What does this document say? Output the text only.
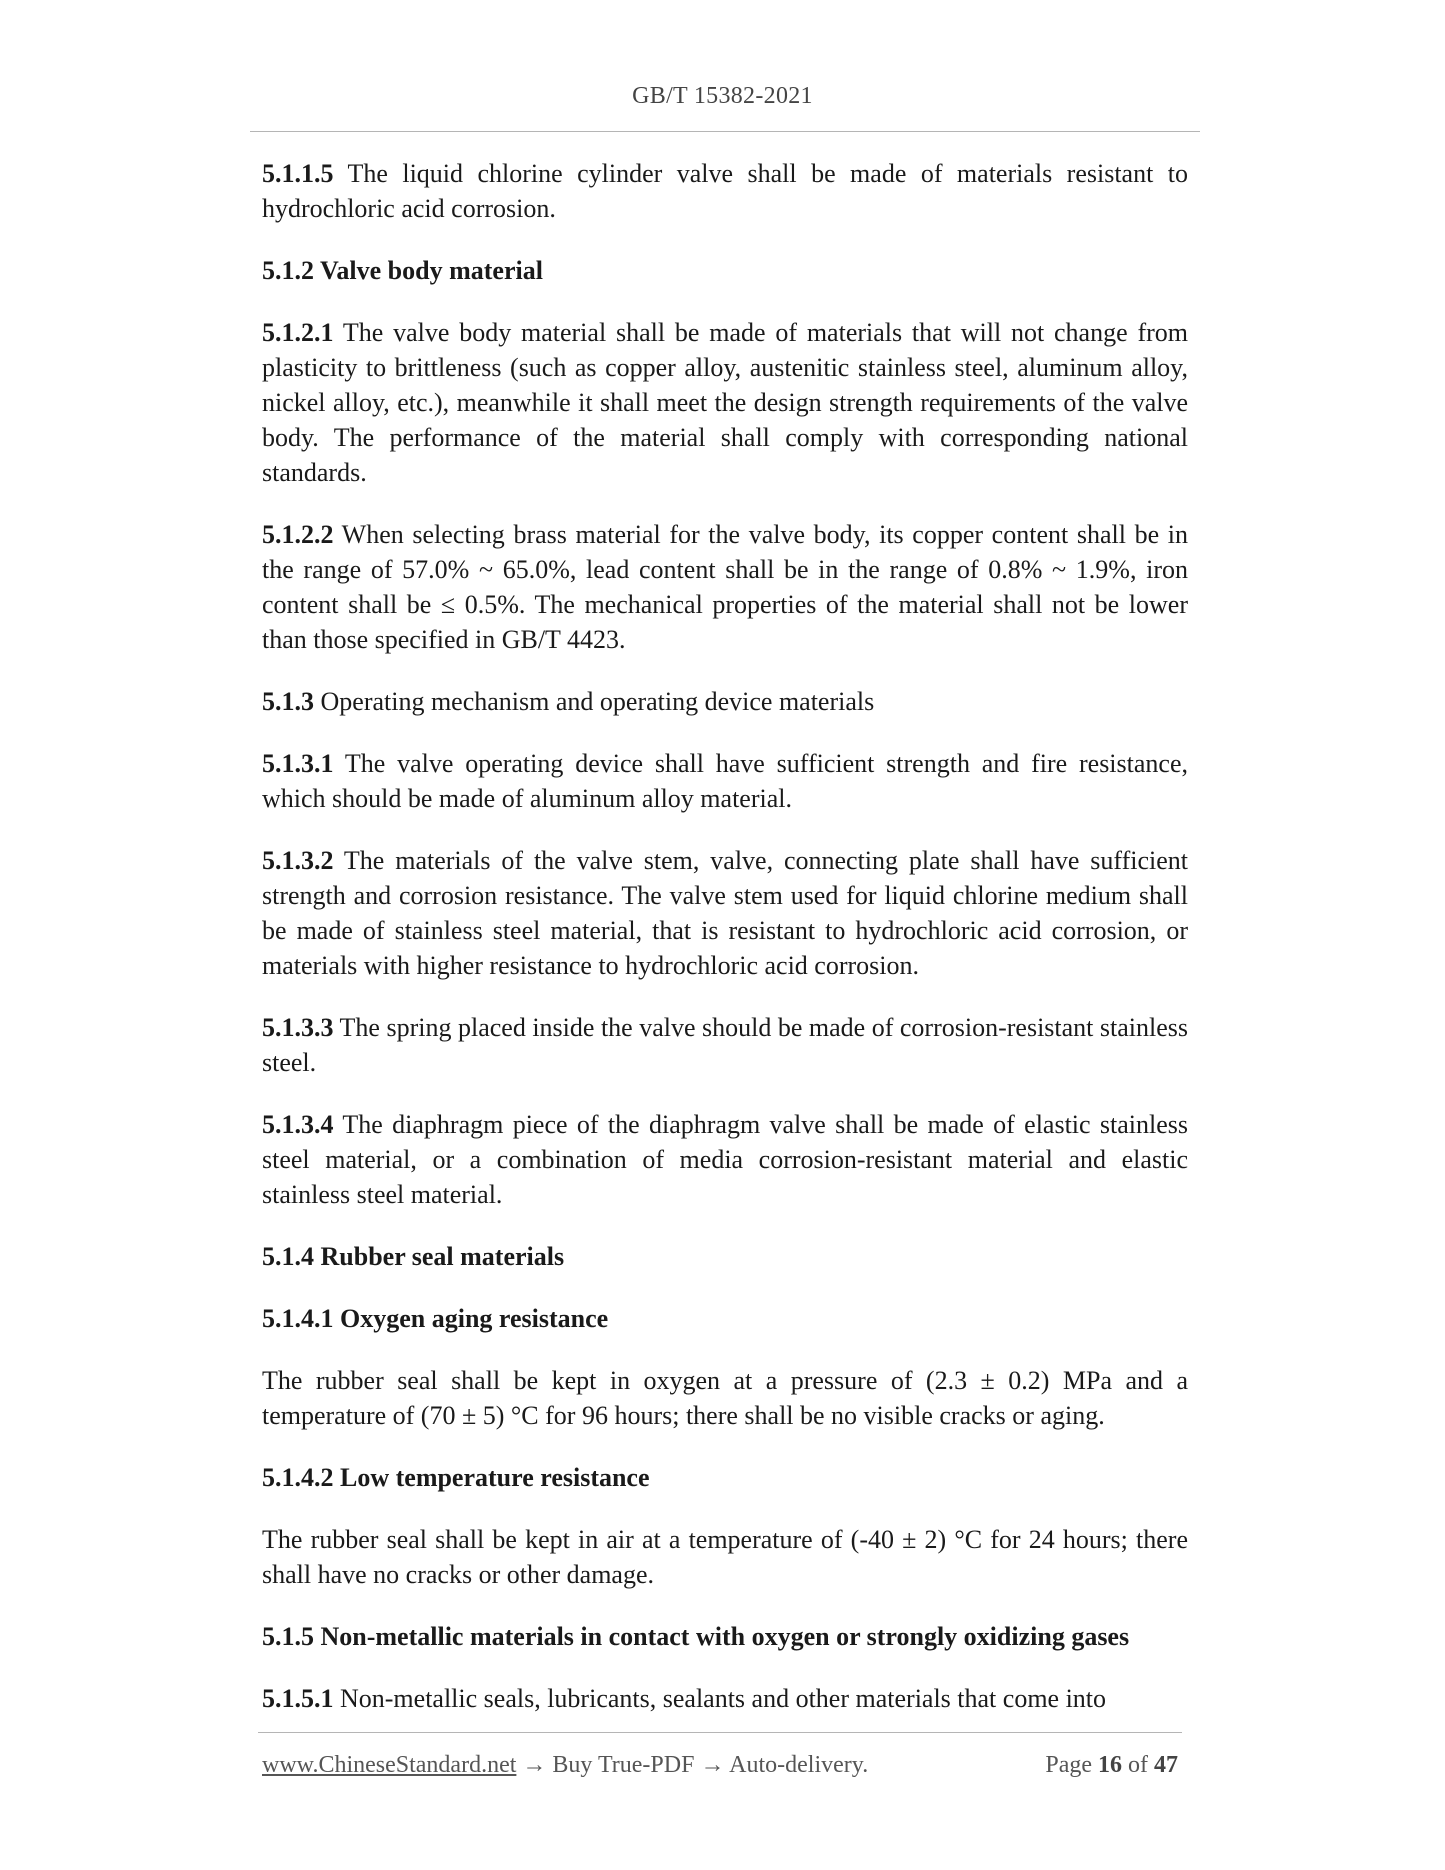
GB/T 15382-2021

5.1.1.5 The liquid chlorine cylinder valve shall be made of materials resistant to hydrochloric acid corrosion.

5.1.2 Valve body material

5.1.2.1 The valve body material shall be made of materials that will not change from plasticity to brittleness (such as copper alloy, austenitic stainless steel, aluminum alloy, nickel alloy, etc.), meanwhile it shall meet the design strength requirements of the valve body. The performance of the material shall comply with corresponding national standards.

5.1.2.2 When selecting brass material for the valve body, its copper content shall be in the range of 57.0% ~ 65.0%, lead content shall be in the range of 0.8% ~ 1.9%, iron content shall be ≤ 0.5%. The mechanical properties of the material shall not be lower than those specified in GB/T 4423.

5.1.3 Operating mechanism and operating device materials

5.1.3.1 The valve operating device shall have sufficient strength and fire resistance, which should be made of aluminum alloy material.

5.1.3.2 The materials of the valve stem, valve, connecting plate shall have sufficient strength and corrosion resistance. The valve stem used for liquid chlorine medium shall be made of stainless steel material, that is resistant to hydrochloric acid corrosion, or materials with higher resistance to hydrochloric acid corrosion.

5.1.3.3 The spring placed inside the valve should be made of corrosion-resistant stainless steel.

5.1.3.4 The diaphragm piece of the diaphragm valve shall be made of elastic stainless steel material, or a combination of media corrosion-resistant material and elastic stainless steel material.

5.1.4 Rubber seal materials

5.1.4.1 Oxygen aging resistance

The rubber seal shall be kept in oxygen at a pressure of (2.3 ± 0.2) MPa and a temperature of (70 ± 5) °C for 96 hours; there shall be no visible cracks or aging.

5.1.4.2 Low temperature resistance

The rubber seal shall be kept in air at a temperature of (-40 ± 2) °C for 24 hours; there shall have no cracks or other damage.

5.1.5 Non-metallic materials in contact with oxygen or strongly oxidizing gases

5.1.5.1 Non-metallic seals, lubricants, sealants and other materials that come into

www.ChineseStandard.net → Buy True-PDF → Auto-delivery.	Page 16 of 47
